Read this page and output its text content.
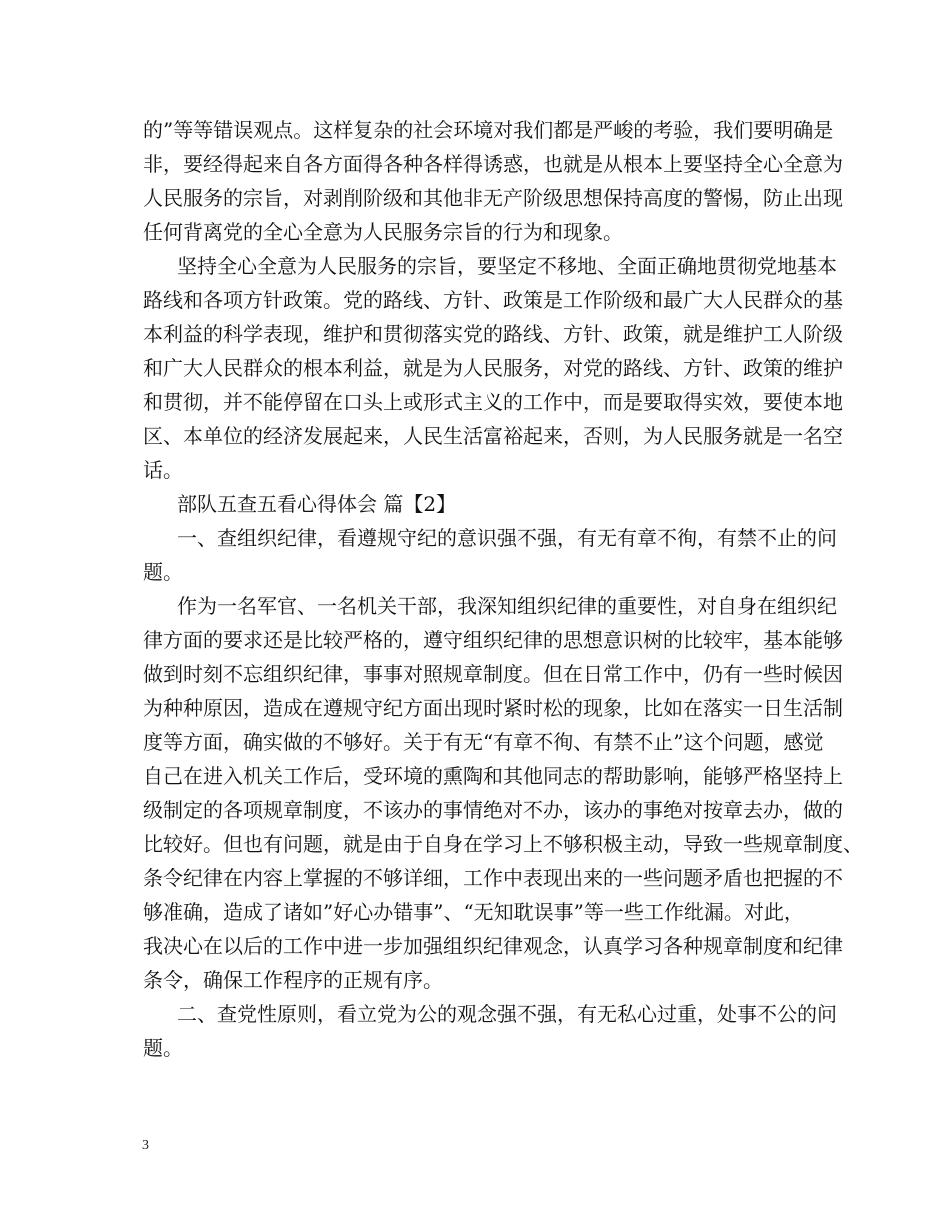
的”等等错误观点。这样复杂的社会环境对我们都是严峻的考验，我们要明确是
非，要经得起来自各方面得各种各样得诱惑，也就是从根本上要坚持全心全意为
人民服务的宗旨，对剥削阶级和其他非无产阶级思想保持高度的警惕，防止出现
任何背离党的全心全意为人民服务宗旨的行为和现象。
坚持全心全意为人民服务的宗旨，要坚定不移地、全面正确地贯彻党地基本
路线和各项方针政策。党的路线、方针、政策是工作阶级和最广大人民群众的基
本利益的科学表现，维护和贯彻落实党的路线、方针、政策，就是维护工人阶级
和广大人民群众的根本利益，就是为人民服务，对党的路线、方针、政策的维护
和贯彻，并不能停留在口头上或形式主义的工作中，而是要取得实效，要使本地
区、本单位的经济发展起来，人民生活富裕起来，否则，为人民服务就是一名空
话。
部队五查五看心得体会 篇【2】
一、查组织纪律，看遵规守纪的意识强不强，有无有章不徇，有禁不止的问
题。
作为一名军官、一名机关干部，我深知组织纪律的重要性，对自身在组织纪
律方面的要求还是比较严格的，遵守组织纪律的思想意识树的比较牢，基本能够
做到时刻不忘组织纪律，事事对照规章制度。但在日常工作中，仍有一些时候因
为种种原因，造成在遵规守纪方面出现时紧时松的现象，比如在落实一日生活制
度等方面，确实做的不够好。关于有无“有章不徇、有禁不止”这个问题，感觉
自己在进入机关工作后，受环境的熏陶和其他同志的帮助影响，能够严格坚持上
级制定的各项规章制度，不该办的事情绝对不办，该办的事绝对按章去办，做的
比较好。但也有问题，就是由于自身在学习上不够积极主动，导致一些规章制度、
条令纪律在内容上掌握的不够详细，工作中表现出来的一些问题矛盾也把握的不
够准确，造成了诸如”好心办错事”、“无知耽误事”等一些工作纰漏。对此，
我决心在以后的工作中进一步加强组织纪律观念，认真学习各种规章制度和纪律
条令，确保工作程序的正规有序。
二、查党性原则，看立党为公的观念强不强，有无私心过重，处事不公的问
题。
3
